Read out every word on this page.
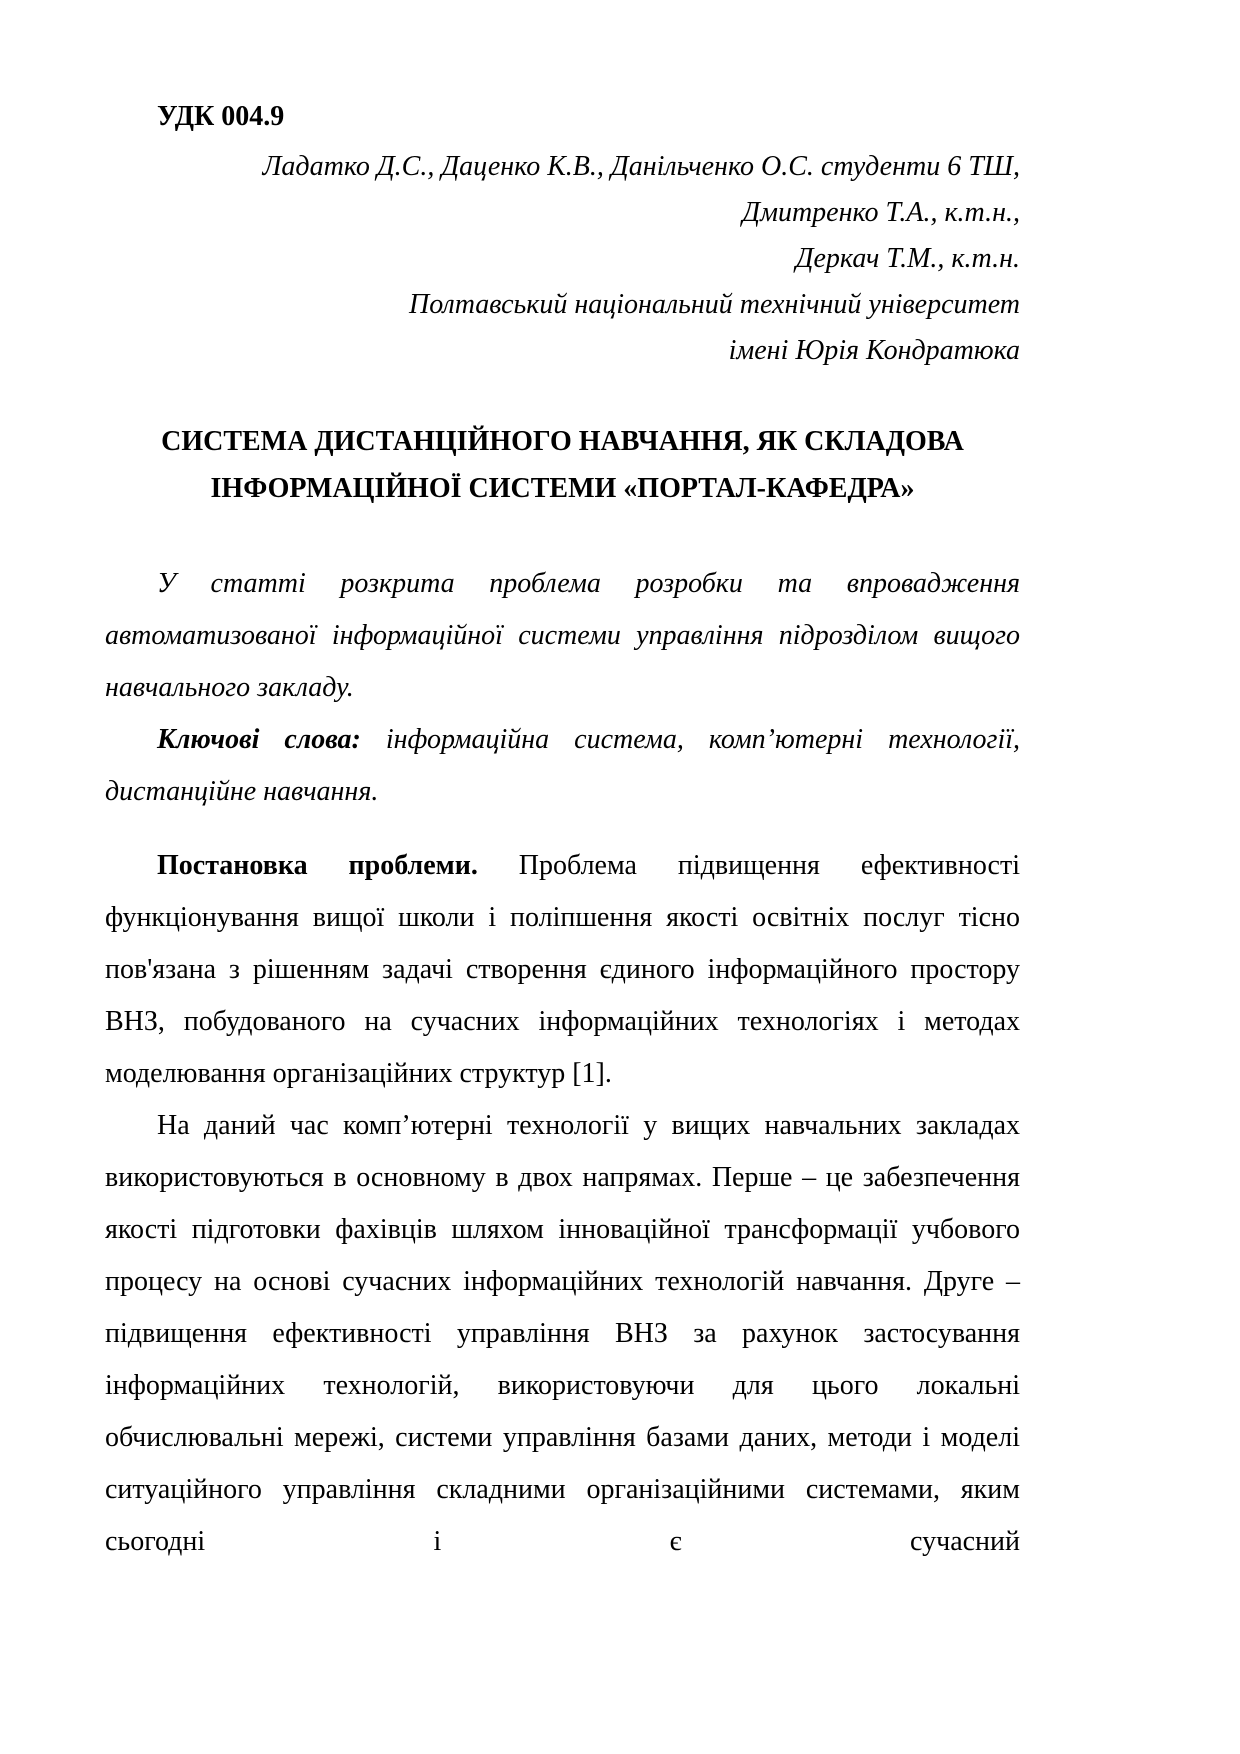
УДК 004.9
Ладатко Д.С., Даценко К.В., Данільченко О.С. студенти 6 ТШ,
Дмитренко Т.А., к.т.н.,
Деркач Т.М., к.т.н.
Полтавський національний технічний університет
імені Юрія Кондратюка
СИСТЕМА ДИСТАНЦІЙНОГО НАВЧАННЯ, ЯК СКЛАДОВА
ІНФОРМАЦІЙНОЇ СИСТЕМИ «ПОРТАЛ-КАФЕДРА»

У статті розкрита проблема розробки та впровадження автоматизованої інформаційної системи управління підрозділом вищого навчального закладу.

Ключові слова: інформаційна система, комп’ютерні технології, дистанційне навчання.

Постановка проблеми. Проблема підвищення ефективності функціонування вищої школи і поліпшення якості освітніх послуг тісно пов'язана з рішенням задачі створення єдиного інформаційного простору ВНЗ, побудованого на сучасних інформаційних технологіях і методах моделювання організаційних структур [1].

На даний час комп’ютерні технології у вищих навчальних закладах використовуються в основному в двох напрямах. Перше – це забезпечення якості підготовки фахівців шляхом інноваційної трансформації учбового процесу на основі сучасних інформаційних технологій навчання. Друге – підвищення ефективності управління ВНЗ за рахунок застосування інформаційних технологій, використовуючи для цього локальні обчислювальні мережі, системи управління базами даних, методи і моделі ситуаційного управління складними організаційними системами, яким сьогодні і є сучасний
